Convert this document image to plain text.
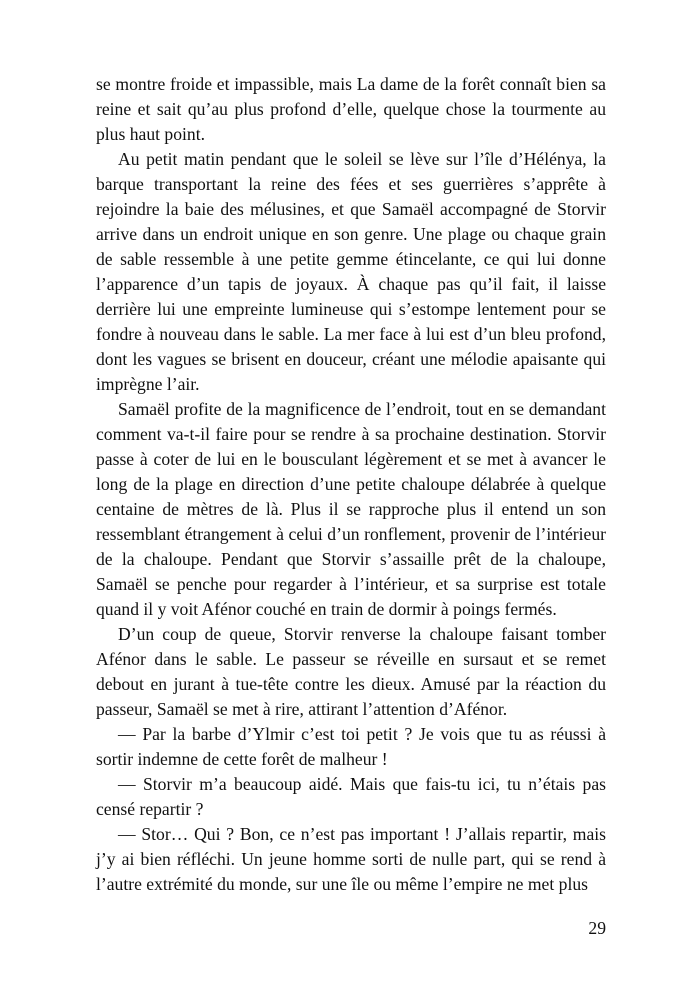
se montre froide et impassible, mais La dame de la forêt connaît bien sa reine et sait qu’au plus profond d’elle, quelque chose la tourmente au plus haut point.

Au petit matin pendant que le soleil se lève sur l’île d’Hélénya, la barque transportant la reine des fées et ses guerrières s’apprête à rejoindre la baie des mélusines, et que Samaël accompagné de Storvir arrive dans un endroit unique en son genre. Une plage ou chaque grain de sable ressemble à une petite gemme étincelante, ce qui lui donne l’apparence d’un tapis de joyaux. À chaque pas qu’il fait, il laisse derrière lui une empreinte lumineuse qui s’estompe lentement pour se fondre à nouveau dans le sable. La mer face à lui est d’un bleu profond, dont les vagues se brisent en douceur, créant une mélodie apaisante qui imprègne l’air.

Samaël profite de la magnificence de l’endroit, tout en se demandant comment va-t-il faire pour se rendre à sa prochaine destination. Storvir passe à coter de lui en le bousculant légèrement et se met à avancer le long de la plage en direction d’une petite chaloupe délabrée à quelque centaine de mètres de là. Plus il se rapproche plus il entend un son ressemblant étrangement à celui d’un ronflement, provenir de l’intérieur de la chaloupe. Pendant que Storvir s’assaille prêt de la chaloupe, Samaël se penche pour regarder à l’intérieur, et sa surprise est totale quand il y voit Afénor couché en train de dormir à poings fermés.

D’un coup de queue, Storvir renverse la chaloupe faisant tomber Afénor dans le sable. Le passeur se réveille en sursaut et se remet debout en jurant à tue-tête contre les dieux. Amusé par la réaction du passeur, Samaël se met à rire, attirant l’attention d’Afénor.

— Par la barbe d’Ylmir c’est toi petit ? Je vois que tu as réussi à sortir indemne de cette forêt de malheur !

— Storvir m’a beaucoup aidé. Mais que fais-tu ici, tu n’étais pas censé repartir ?

— Stor… Qui ? Bon, ce n’est pas important ! J’allais repartir, mais j’y ai bien réfléchi. Un jeune homme sorti de nulle part, qui se rend à l’autre extrémité du monde, sur une île ou même l’empire ne met plus

29
